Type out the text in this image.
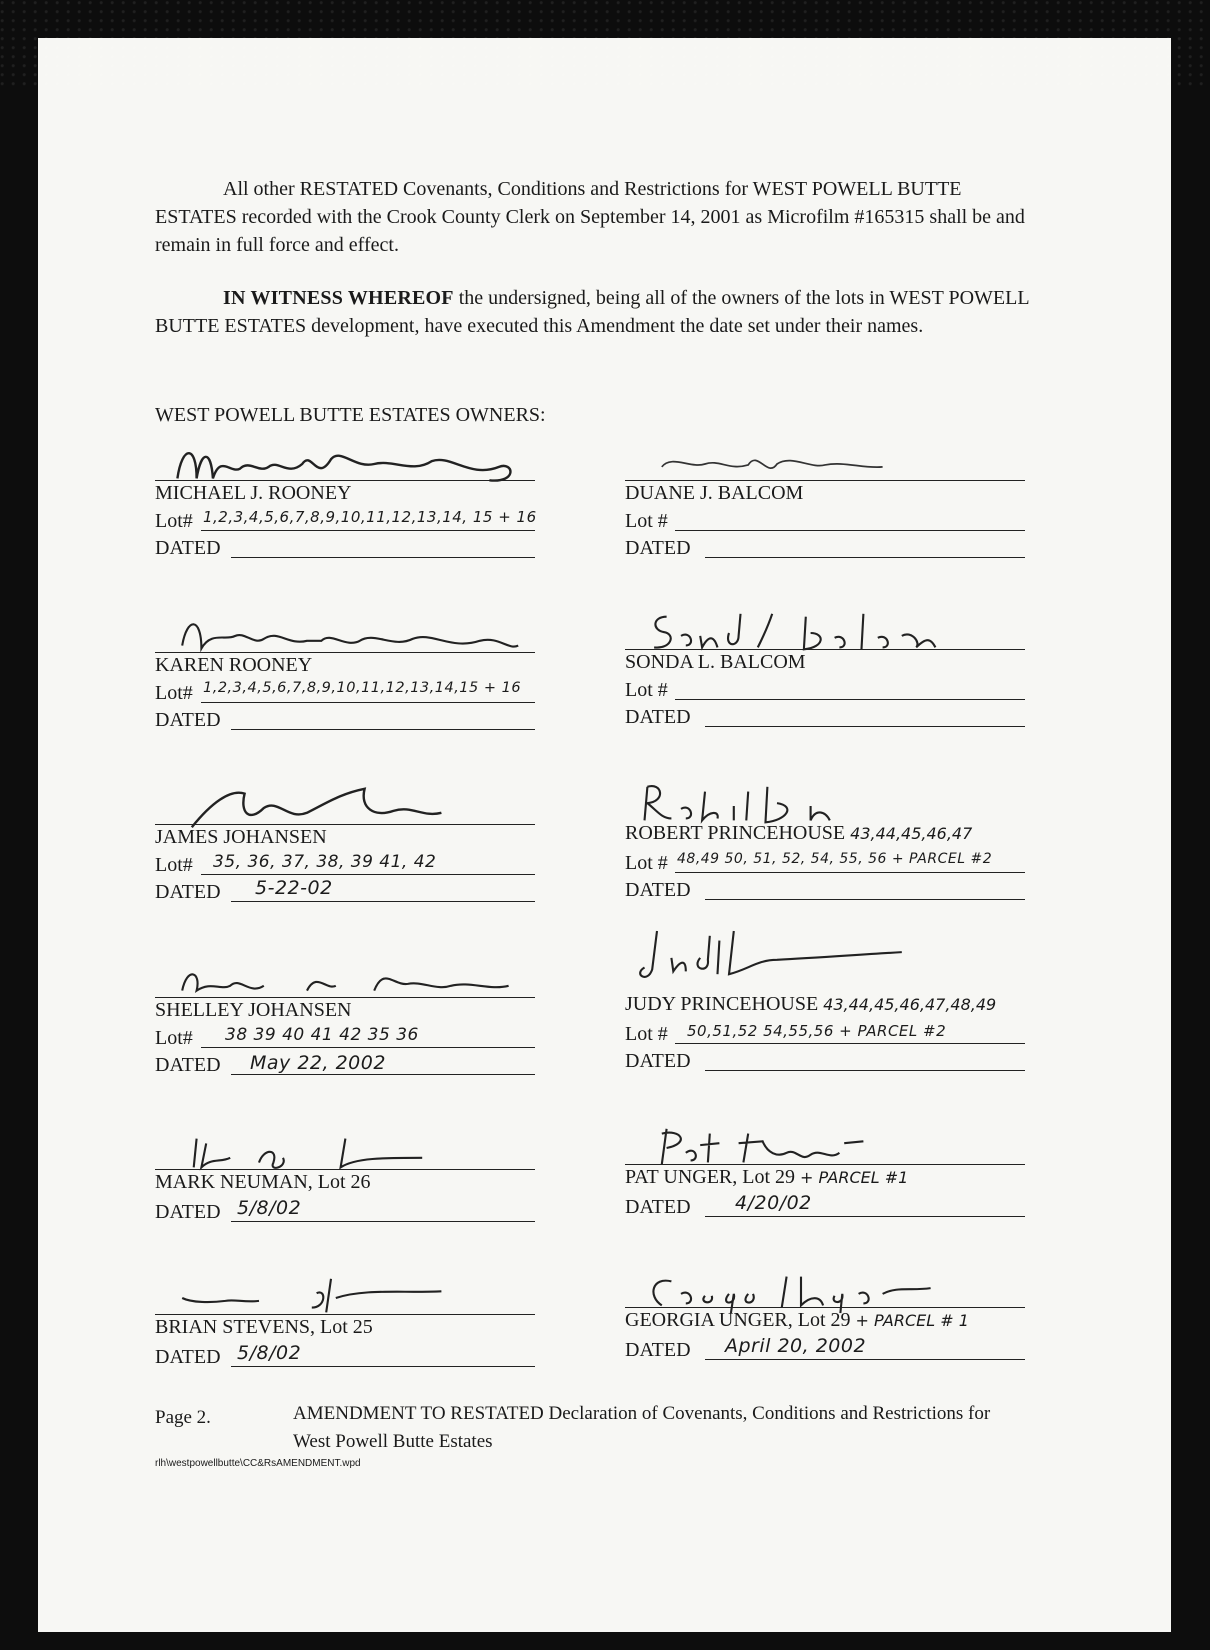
All other RESTATED Covenants, Conditions and Restrictions for WEST POWELL BUTTE ESTATES recorded with the Crook County Clerk on September 14, 2001 as Microfilm #165315 shall be and remain in full force and effect.
IN WITNESS WHEREOF the undersigned, being all of the owners of the lots in WEST POWELL BUTTE ESTATES development, have executed this Amendment the date set under their names.
WEST POWELL BUTTE ESTATES OWNERS:
MICHAEL J. ROONEY
Lot# 1,2,3,4,5,6,7,8,9,10,11,12,13,14, 15 + 16
DATED
KAREN ROONEY
Lot# 1,2,3,4,5,6,7,8,9,10,11,12,13,14,15 + 16
DATED
JAMES JOHANSEN
Lot# 35, 36, 37, 38, 39 41, 42
DATED 5-22-02
SHELLEY JOHANSEN
Lot# 38 39 40 41 42 35 36
DATED May 22, 2002
MARK NEUMAN, Lot 26
DATED 5/8/02
BRIAN STEVENS, Lot 25
DATED 5/8/02
DUANE J. BALCOM
Lot #
DATED
SONDA L. BALCOM
Lot #
DATED
ROBERT PRINCEHOUSE 43,44,45,46,47
Lot # 48,49 50, 51, 52, 54, 55, 56 + PARCEL #2
DATED
JUDY PRINCEHOUSE 43,44,45,46,47,48,49
Lot # 50,51,52 54,55,56 + PARCEL #2
DATED
PAT UNGER, Lot 29 + PARCEL #1
DATED 4/20/02
GEORGIA UNGER, Lot 29 + PARCEL # 1
DATED April 20, 2002
Page 2.	AMENDMENT TO RESTATED Declaration of Covenants, Conditions and Restrictions for West Powell Butte Estates
rlh\westpowellbutte\CC&RsAMENDMENT.wpd
